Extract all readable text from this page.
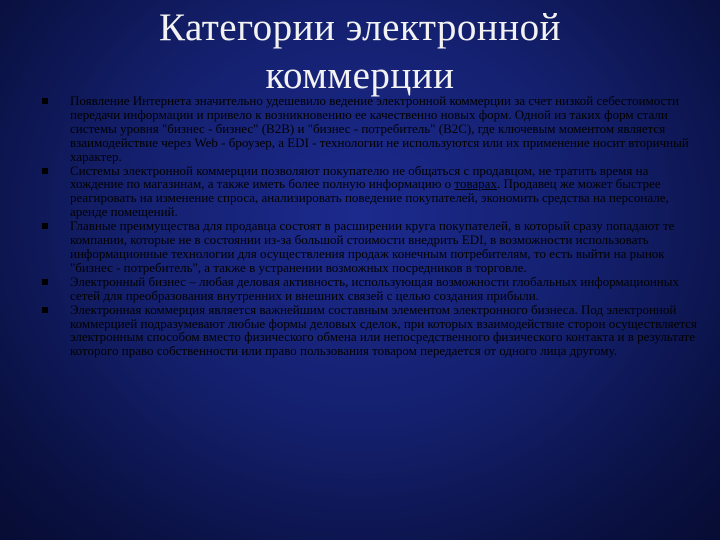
Категории электронной коммерции
Появление Интернета значительно удешевило ведение электронной коммерции за счет низкой себестоимости передачи информации и привело к возникновению ее качественно новых форм. Одной из таких форм стали системы уровня "бизнес - бизнес" (B2B) и "бизнес - потребитель" (B2C), где ключевым моментом является взаимодействие через Web - броузер, а EDI - технологии не используются или их применение носит вторичный характер.
Системы электронной коммерции позволяют покупателю не общаться с продавцом, не тратить время на хождение по магазинам, а также иметь более полную информацию о товарах. Продавец же может быстрее реагировать на изменение спроса, анализировать поведение покупателей, экономить средства на персонале, аренде помещений.
Главные преимущества для продавца состоят в расширении круга покупателей, в который сразу попадают те компании, которые не в состоянии из-за большой стоимости внедрить EDI, в возможности использовать информационные технологии для осуществления продаж конечным потребителям, то есть выйти на рынок "бизнес - потребитель", а также в устранении возможных посредников в торговле.
Электронный бизнес – любая деловая активность, использующая возможности глобальных информационных сетей для преобразования внутренних и внешних связей с целью создания прибыли.
Электронная коммерция является важнейшим составным элементом электронного бизнеса. Под электронной коммерцией подразумевают любые формы деловых сделок, при которых взаимодействие сторон осуществляется электронным способом вместо физического обмена или непосредственного физического контакта и в результате которого право собственности или право пользования товаром передается от одного лица другому.
